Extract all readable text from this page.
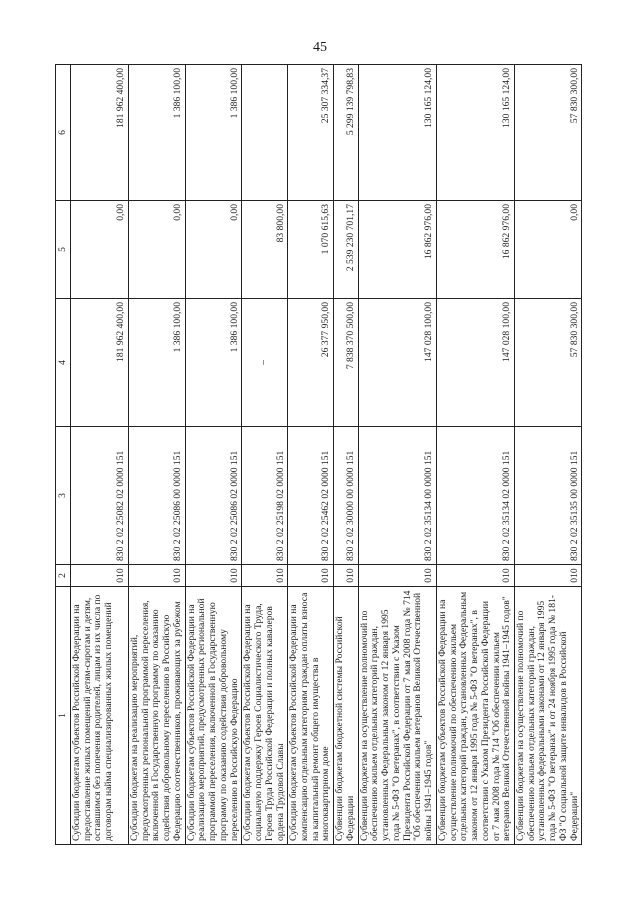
45
1	2	3	4	5	6
Субсидии бюджетам субъектов Российской Федерации на предоставление жилых помещений детям-сиротам и детям, оставшимся без попечения родителей, лицам из их числа по договорам найма специализированных жилых помещений	010	830 2 02 25082 02 0000 151	181 962 400,00	0,00	181 962 400,00
Субсидии бюджетам на реализацию мероприятий, предусмотренных региональной программой переселения, включенной в Государственную программу по оказанию содействия добровольному переселению в Российскую Федерацию соотечественников, проживающих за рубежом	010	830 2 02 25086 00 0000 151	1 386 100,00	0,00	1 386 100,00
Субсидии бюджетам субъектов Российской Федерации на реализацию мероприятий, предусмотренных региональной программой переселения, включенной в Государственную программу по оказанию содействия добровольному переселению в Российскую Федерацию	010	830 2 02 25086 02 0000 151	1 386 100,00	0,00	1 386 100,00
Субсидии бюджетам субъектов Российской Федерации на социальную поддержку Героев Социалистического Труда, Героев Труда Российской Федерации и полных кавалеров ордена Трудовой Славы	010	830 2 02 25198 02 0000 151	–	83 800,00	
Субсидии бюджетам субъектов Российской Федерации на компенсацию отдельным категориям граждан оплаты взноса на капитальный ремонт общего имущества в многоквартирном доме	010	830 2 02 25462 02 0000 151	26 377 950,00	1 070 615,63	25 307 334,37
Субвенции бюджетам бюджетной системы Российской Федерации	010	830 2 02 30000 00 0000 151	7 838 370 500,00	2 539 230 701,17	5 299 139 798,83
Субвенции бюджетам на осуществление полномочий по обеспечению жильем отдельных категорий граждан, установленных Федеральным законом от 12 января 1995 года № 5-ФЗ "О ветеранах", в соответствии с Указом Президента Российской Федерации от 7 мая 2008 года № 714 "Об обеспечении жильем ветеранов Великой Отечественной войны 1941–1945 годов"	010	830 2 02 35134 00 0000 151	147 028 100,00	16 862 976,00	130 165 124,00
Субвенции бюджетам субъектов Российской Федерации на осуществление полномочий по обеспечению жильем отдельных категорий граждан, установленных Федеральным законом от 12 января 1995 года № 5-ФЗ "О ветеранах", в соответствии с Указом Президента Российской Федерации от 7 мая 2008 года № 714 "Об обеспечении жильем ветеранов Великой Отечественной войны 1941–1945 годов"	010	830 2 02 35134 02 0000 151	147 028 100,00	16 862 976,00	130 165 124,00
Субвенции бюджетам на осуществление полномочий по обеспечению жильем отдельных категорий граждан, установленных федеральными законами от 12 января 1995 года № 5-ФЗ "О ветеранах" и от 24 ноября 1995 года № 181-ФЗ "О социальной защите инвалидов в Российской Федерации"	010	830 2 02 35135 00 0000 151	57 830 300,00	0,00	57 830 300,00
